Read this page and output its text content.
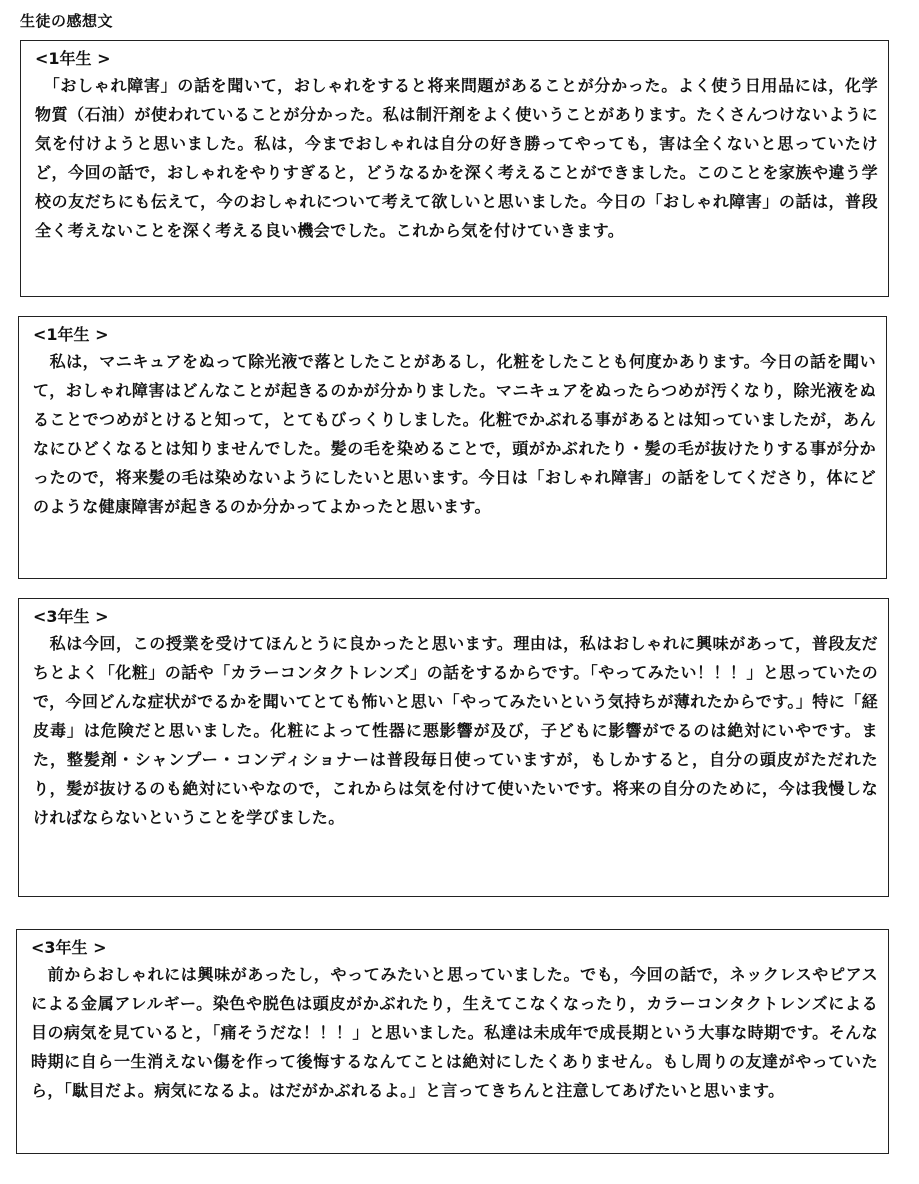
生徒の感想文
<1年生 >

「おしゃれ障害」の話を聞いて，おしゃれをすると将来問題があることが分かった。よく使う日用品には，化学物質（石油）が使われていることが分かった。私は制汗剤をよく使いうことがあります。たくさんつけないように気を付けようと思いました。私は，今までおしゃれは自分の好き勝ってやっても，害は全くないと思っていたけど，今回の話で，おしゃれをやりすぎると，どうなるかを深く考えることができました。このことを家族や違う学校の友だちにも伝えて，今のおしゃれについて考えて欲しいと思いました。今日の「おしゃれ障害」の話は，普段全く考えないことを深く考える良い機会でした。これから気を付けていきます。

<1年生 >

私は，マニキュアをぬって除光液で落としたことがあるし，化粧をしたことも何度かあります。今日の話を聞いて，おしゃれ障害はどんなことが起きるのかが分かりました。マニキュアをぬったらつめが汚くなり，除光液をぬることでつめがとけると知って，とてもびっくりしました。化粧でかぶれる事があるとは知っていましたが，あんなにひどくなるとは知りませんでした。髪の毛を染めることで，頭がかぶれたり・髪の毛が抜けたりする事が分かったので，将来髪の毛は染めないようにしたいと思います。今日は「おしゃれ障害」の話をしてくださり，体にどのような健康障害が起きるのか分かってよかったと思います。

<3年生 >

私は今回，この授業を受けてほんとうに良かったと思います。理由は，私はおしゃれに興味があって，普段友だちとよく「化粧」の話や「カラーコンタクトレンズ」の話をするからです。「やってみたい！！！」と思っていたので，今回どんな症状がでるかを聞いてとても怖いと思い「やってみたいという気持ちが薄れたからです。」特に「経皮毒」は危険だと思いました。化粧によって性器に悪影響が及び，子どもに影響がでるのは絶対にいやです。また，整髪剤・シャンプー・コンディショナーは普段毎日使っていますが，もしかすると，自分の頭皮がただれたり，髪が抜けるのも絶対にいやなので，これからは気を付けて使いたいです。将来の自分のために，今は我慢しなければならないということを学びました。

<3年生 >

前からおしゃれには興味があったし，やってみたいと思っていました。でも，今回の話で，ネックレスやピアスによる金属アレルギー。染色や脱色は頭皮がかぶれたり，生えてこなくなったり，カラーコンタクトレンズによる目の病気を見ていると，「痛そうだな！！！」と思いました。私達は未成年で成長期という大事な時期です。そんな時期に自ら一生消えない傷を作って後悔するなんてことは絶対にしたくありません。もし周りの友達がやっていたら，「駄目だよ。病気になるよ。はだがかぶれるよ。」と言ってきちんと注意してあげたいと思います。
